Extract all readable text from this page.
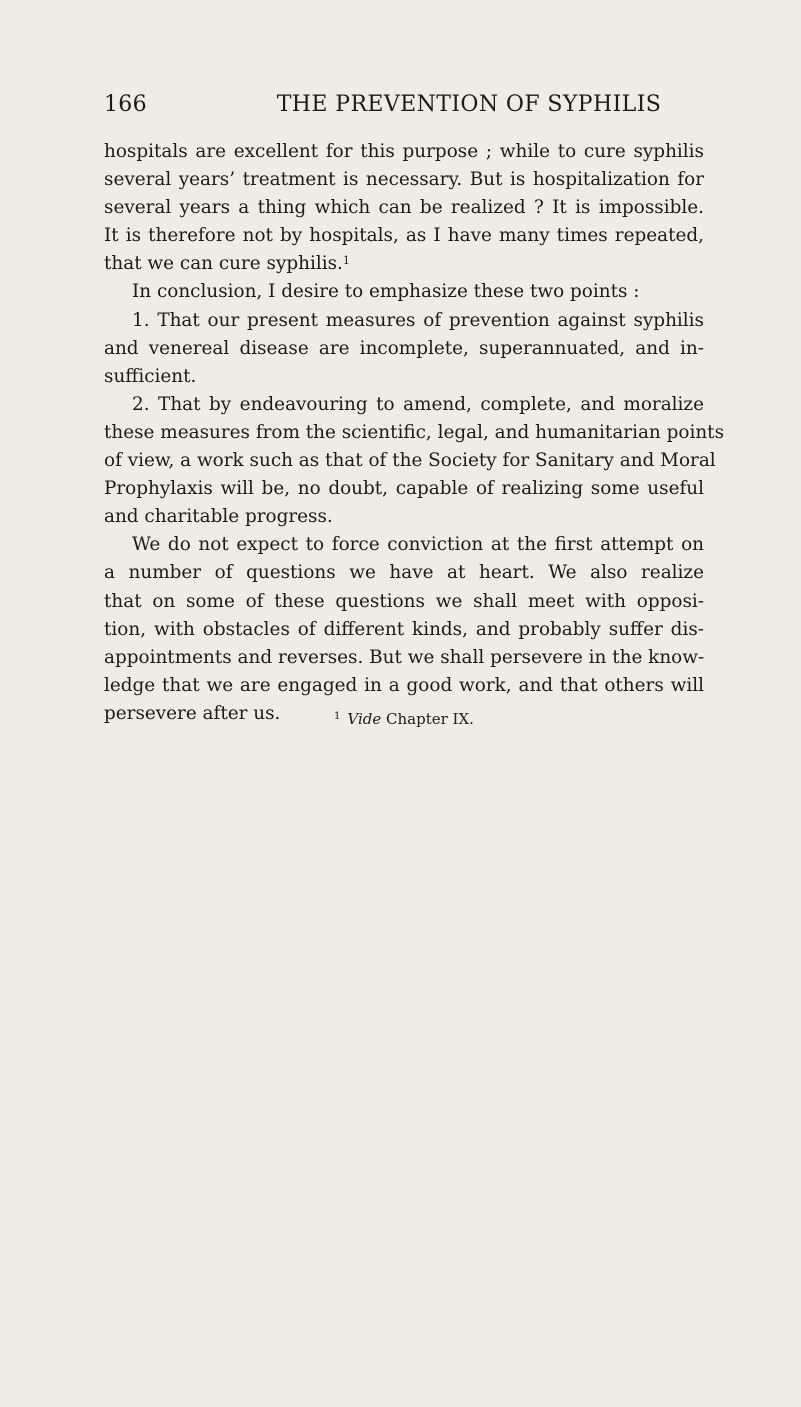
166	THE PREVENTION OF SYPHILIS
hospitals are excellent for this purpose ; while to cure syphilis
several years’ treatment is necessary. But is hospitalization for
several years a thing which can be realized ? It is impossible.
It is therefore not by hospitals, as I have many times repeated,
that we can cure syphilis.$^1$
In conclusion, I desire to emphasize these two points :
1. That our present measures of prevention against syphilis
and venereal disease are incomplete, superannuated, and in-
sufficient.
2. That by endeavouring to amend, complete, and moralize
these measures from the scientific, legal, and humanitarian points
of view, a work such as that of the Society for Sanitary and Moral
Prophylaxis will be, no doubt, capable of realizing some useful
and charitable progress.
We do not expect to force conviction at the first attempt on
a number of questions we have at heart. We also realize
that on some of these questions we shall meet with opposi-
tion, with obstacles of different kinds, and probably suffer dis-
appointments and reverses. But we shall persevere in the know-
ledge that we are engaged in a good work, and that others will
persevere after us.	$^1$ Vide Chapter IX.
